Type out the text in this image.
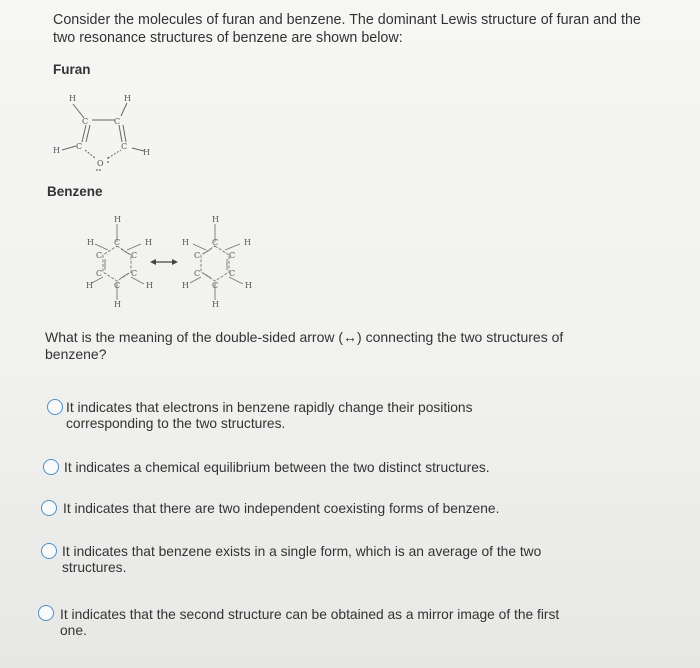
Consider the molecules of furan and benzene. The dominant Lewis structure of furan and the two resonance structures of benzene are shown below:
Furan
H	H
C	C
H C	C
H
O
Benzene
H
H	C	H
C	C
C
H
C
C	H
H
H
H	C	H
C	C
C
H
C
C	H
H
What is the meaning of the double-sided arrow (↔) connecting the two structures of benzene?
It indicates that electrons in benzene rapidly change their positions corresponding to the two structures.
It indicates a chemical equilibrium between the two distinct structures.
It indicates that there are two independent coexisting forms of benzene.
It indicates that benzene exists in a single form, which is an average of the two structures.
It indicates that the second structure can be obtained as a mirror image of the first one.
